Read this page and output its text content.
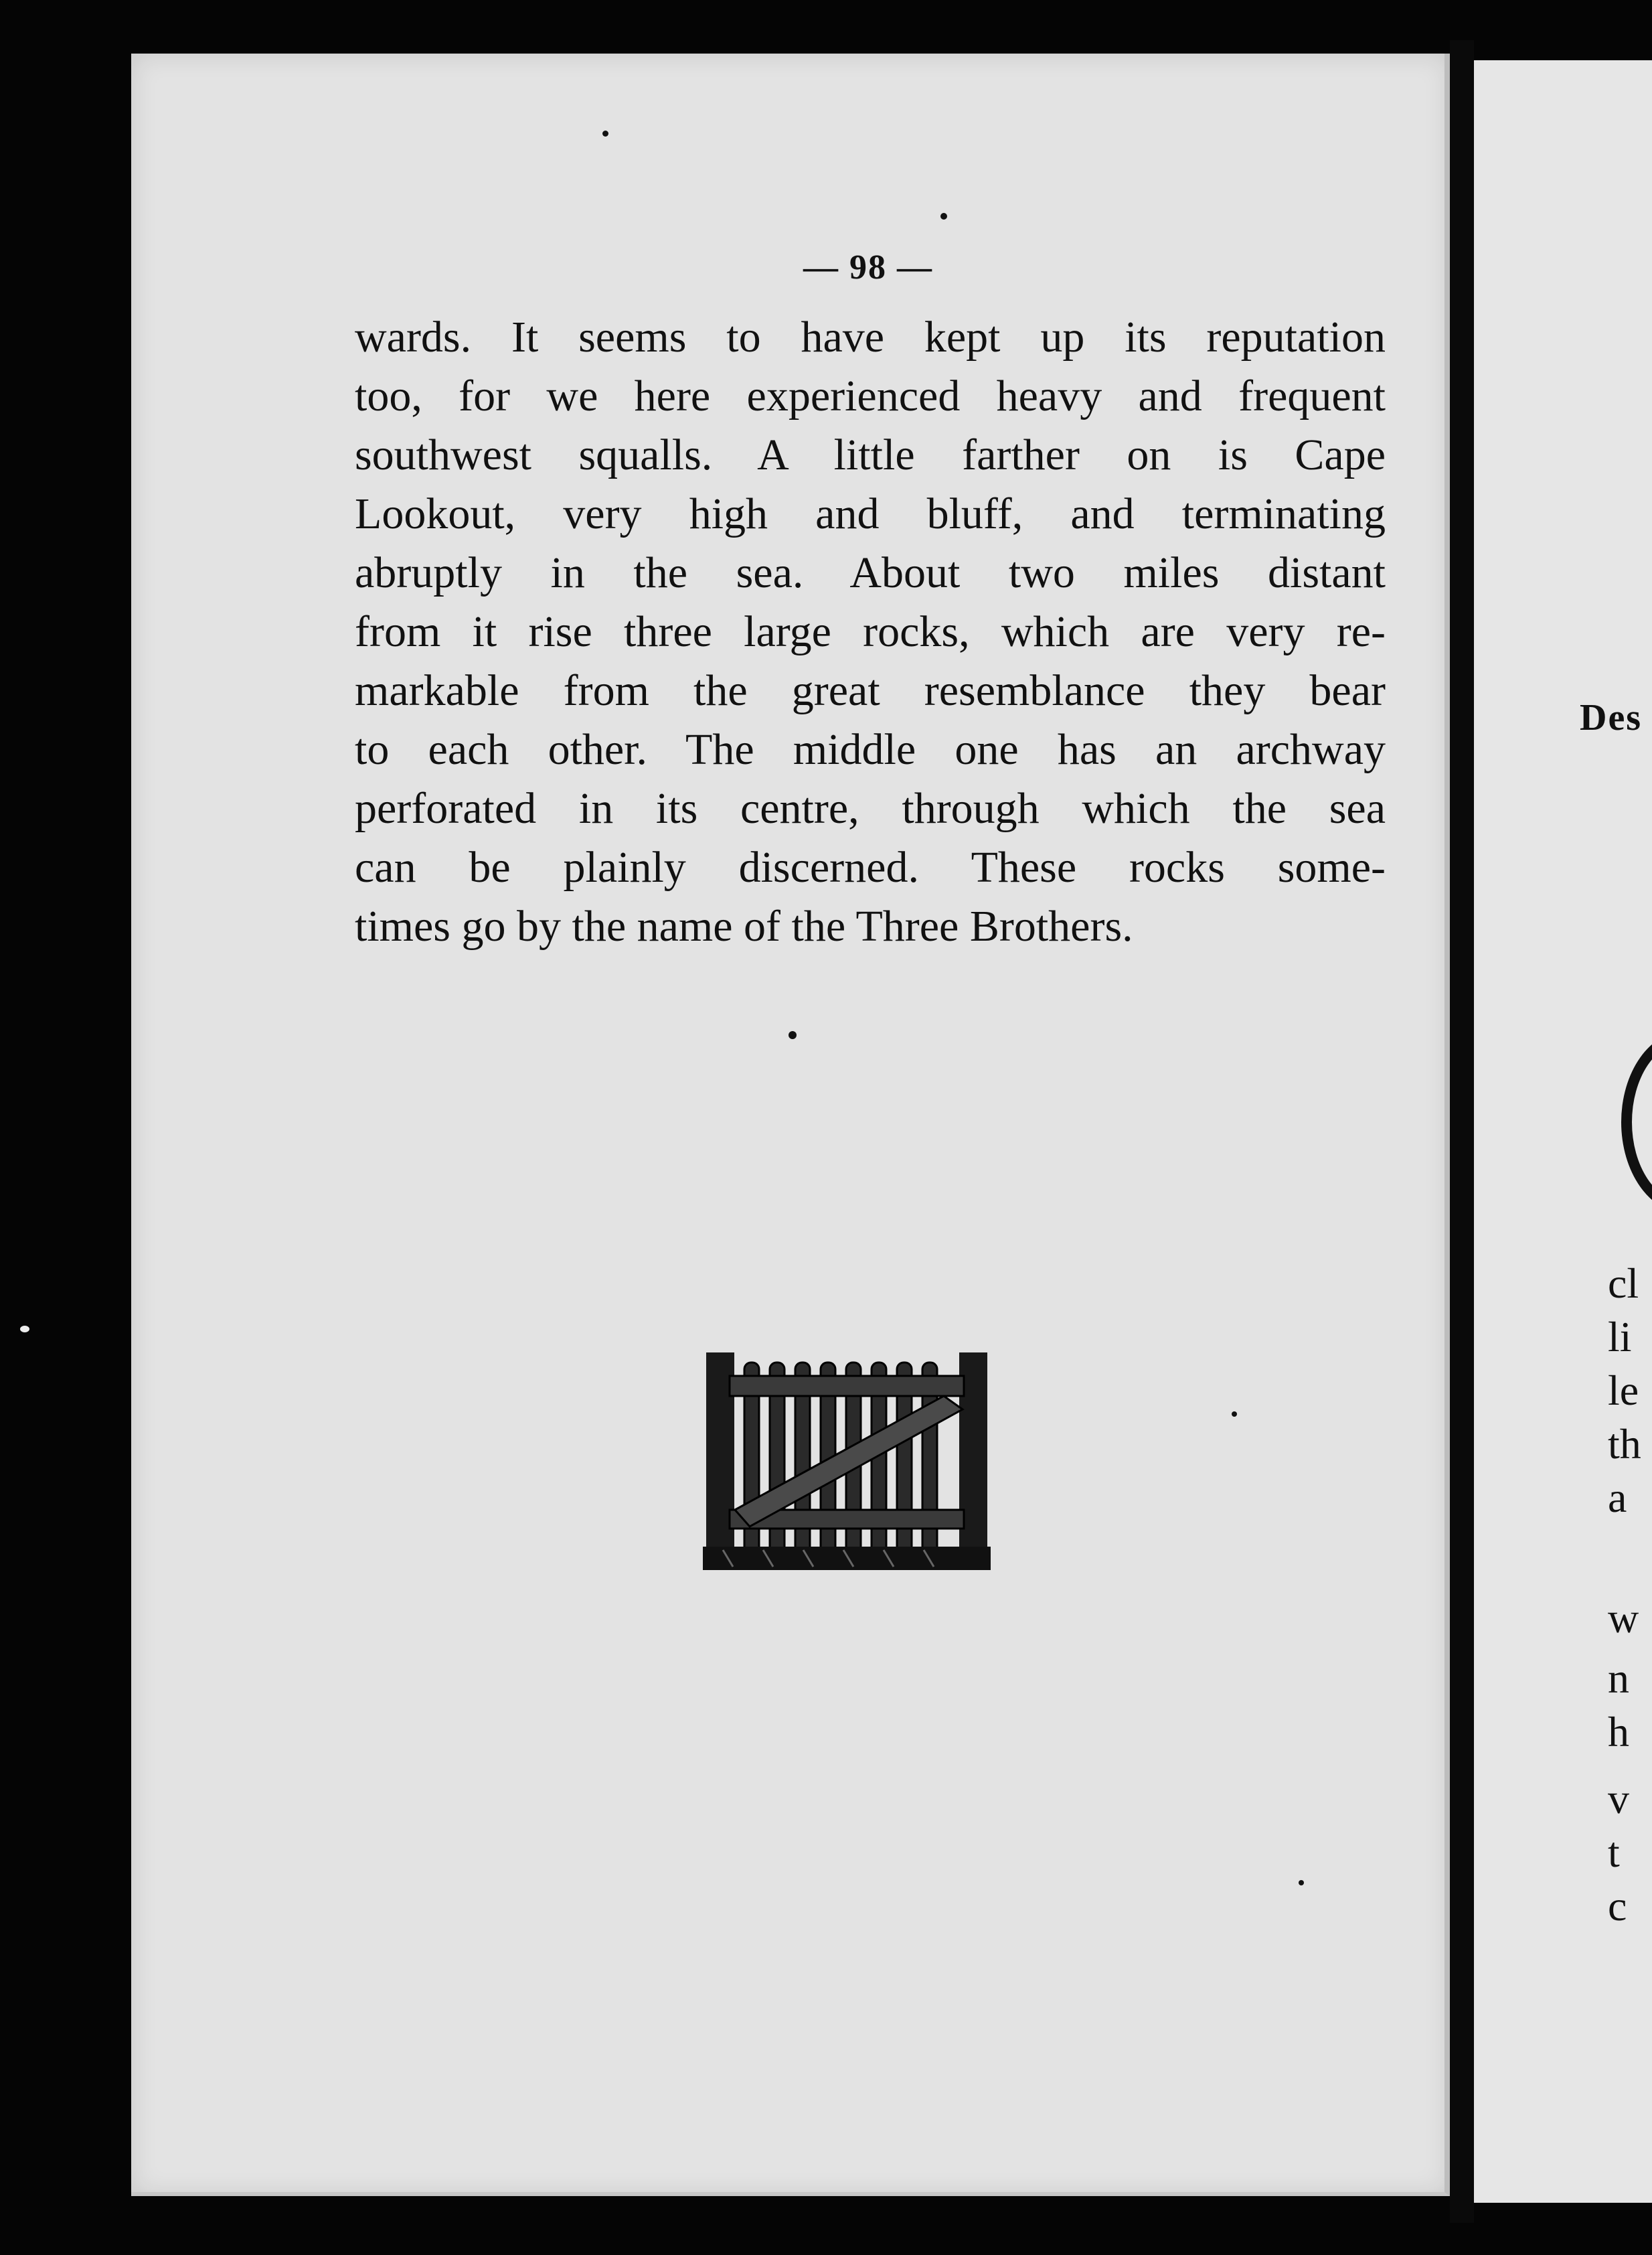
— 98 —
wards. It seems to have kept up its reputation
too, for we here experienced heavy and frequent
southwest squalls. A little farther on is Cape
Lookout, very high and bluff, and terminating
abruptly in the sea. About two miles distant
from it rise three large rocks, which are very re-
markable from the great resemblance they bear
to each other. The middle one has an archway
perforated in its centre, through which the sea
can be plainly discerned. These rocks some-
times go by the name of the Three Brothers.
Des
cl
li
le
th
a
w
n
h
v
t
c
